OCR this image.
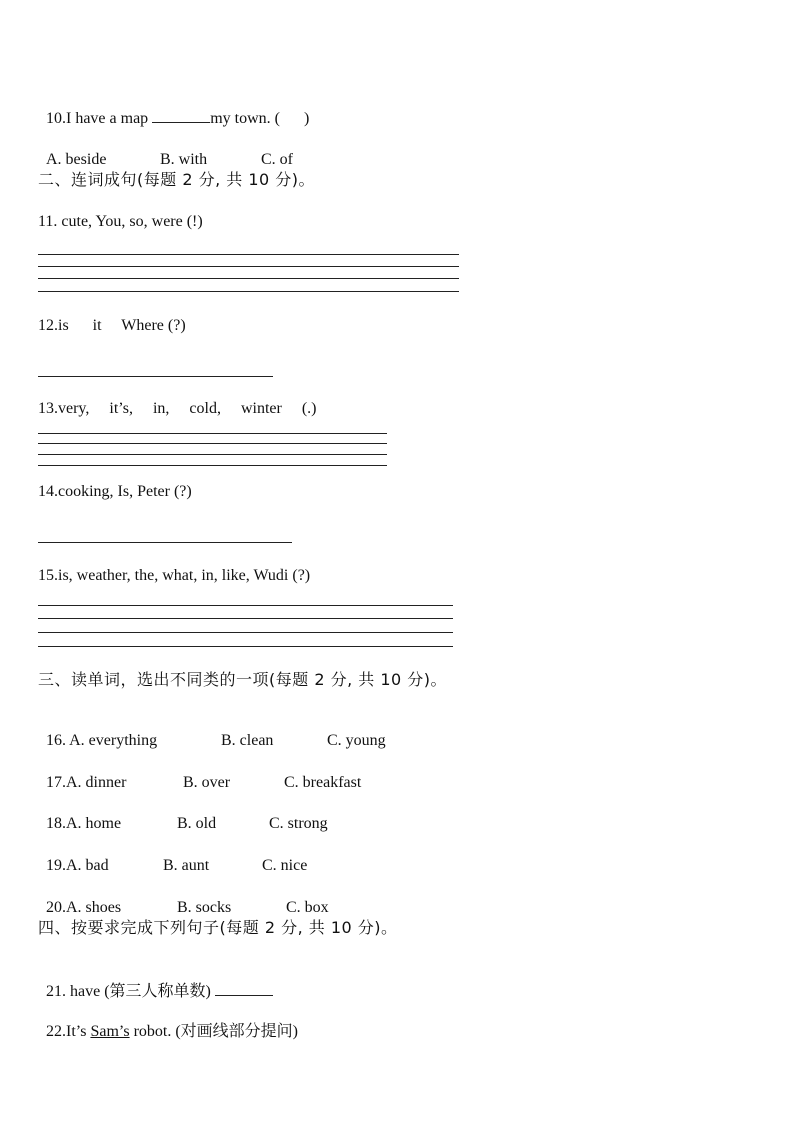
10.I have a map	my town. (      )

A. beside	B. with	C. of

二、连词成句(每题 2 分, 共 10 分)。
11. cute, You, so, were (!)
12.is      it     Where (?)
13.very,     it’s,     in,     cold,     winter     (.)
14.cooking, Is, Peter (?)
15.is, weather, the, what, in, like, Wudi (?)
三、读单词，选出不同类的一项(每题 2 分, 共 10 分)。

16. A. everything	B. clean	C. young

17.A. dinner	B. over	C. breakfast

18.A. home	B. old	C. strong

19.A. bad	B. aunt	C. nice

20.A. shoes	B. socks	C. box

四、按要求完成下列句子(每题 2 分, 共 10 分)。

21. have (第三人称单数)

22.It’s Sam’s robot. (对画线部分提问)
